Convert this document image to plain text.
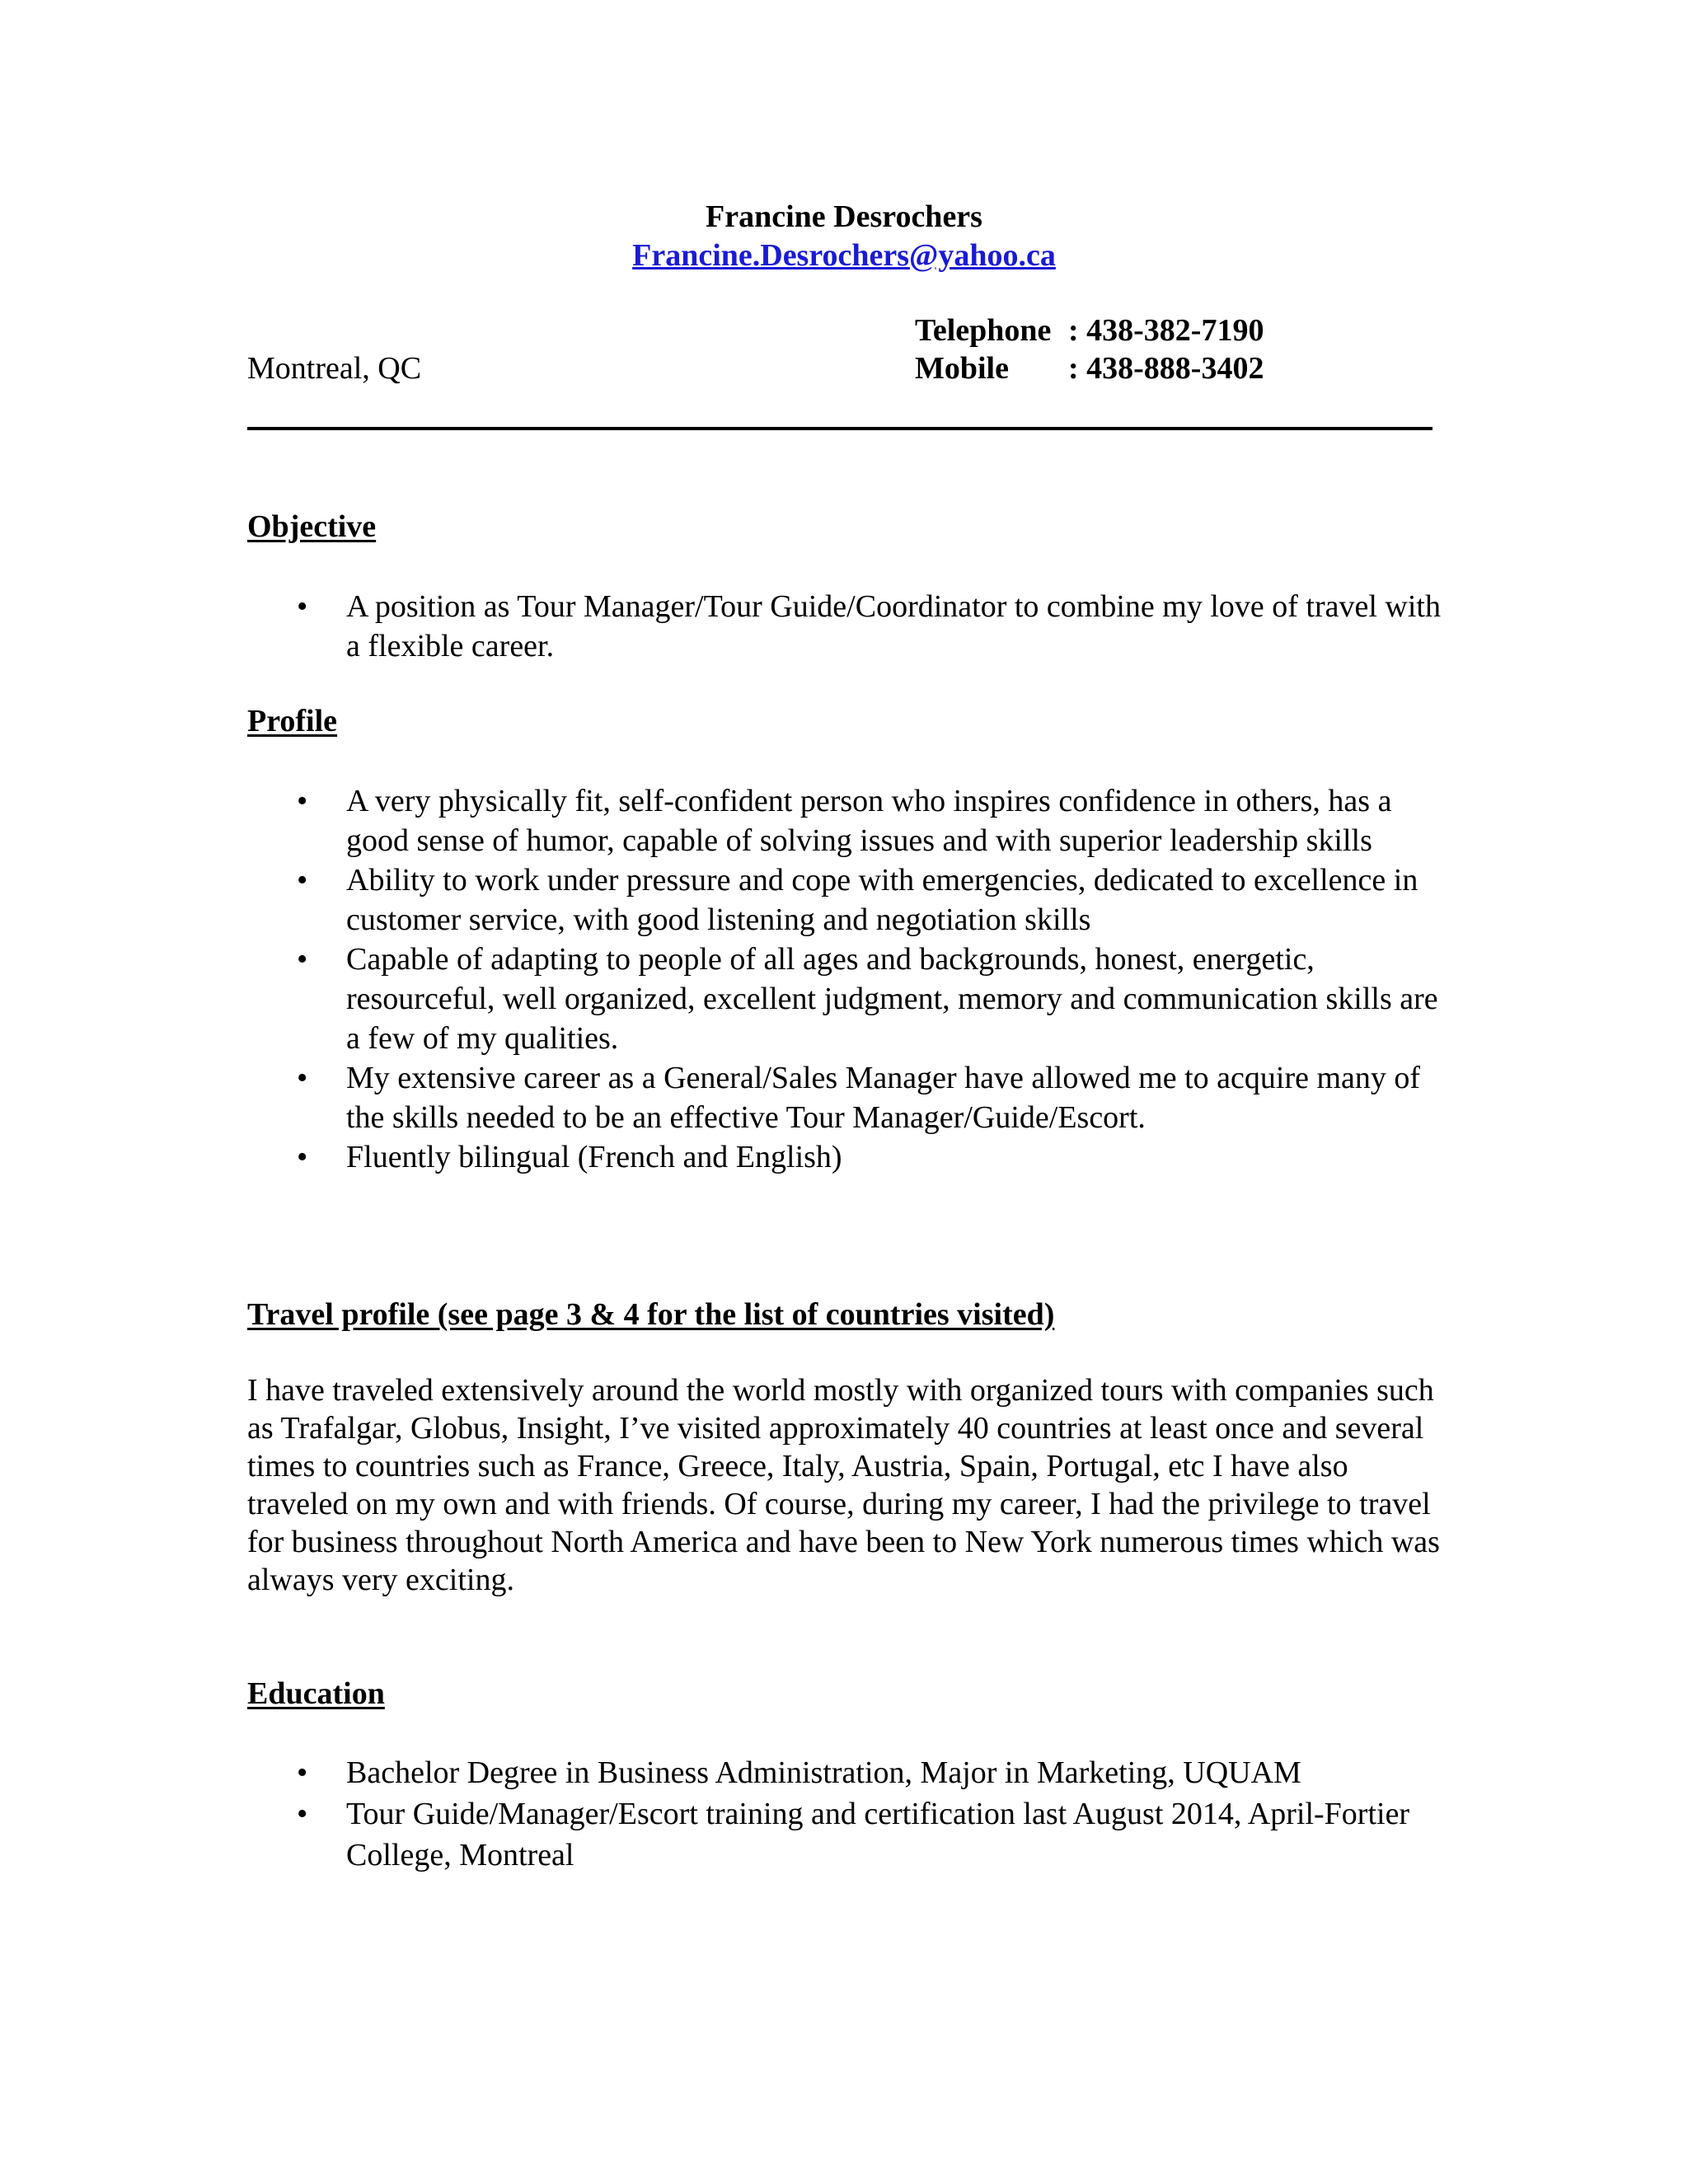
Francine Desrochers
Francine.Desrochers@yahoo.ca
Telephone : 438-382-7190
Montreal, QC	Mobile : 438-888-3402
Objective
• A position as Tour Manager/Tour Guide/Coordinator to combine my love of travel with a flexible career.
Profile
• A very physically fit, self-confident person who inspires confidence in others, has a good sense of humor, capable of solving issues and with superior leadership skills
• Ability to work under pressure and cope with emergencies, dedicated to excellence in customer service, with good listening and negotiation skills
• Capable of adapting to people of all ages and backgrounds, honest, energetic, resourceful, well organized, excellent judgment, memory and communication skills are a few of my qualities.
• My extensive career as a General/Sales Manager have allowed me to acquire many of the skills needed to be an effective Tour Manager/Guide/Escort.
• Fluently bilingual (French and English)
Travel profile (see page 3 & 4 for the list of countries visited)

I have traveled extensively around the world mostly with organized tours with companies such as Trafalgar, Globus, Insight, I’ve visited approximately 40 countries at least once and several times to countries such as France, Greece, Italy, Austria, Spain, Portugal, etc I have also traveled on my own and with friends. Of course, during my career, I had the privilege to travel for business throughout North America and have been to New York numerous times which was always very exciting.

Education
• Bachelor Degree in Business Administration, Major in Marketing, UQUAM
• Tour Guide/Manager/Escort training and certification last August 2014, April-Fortier College, Montreal
